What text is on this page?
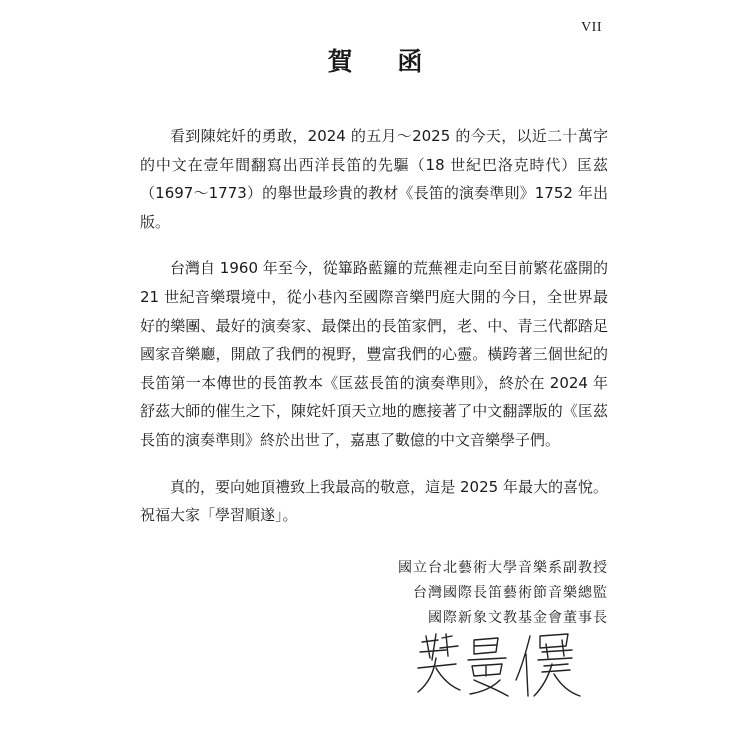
VII
賀 函

看到陳姹奷的勇敢，2024 的五月～2025 的今天，以近二十萬字的中文在壹年間翻寫出西洋長笛的先驅（18 世紀巴洛克時代）匡茲（1697～1773）的舉世最珍貴的教材《長笛的演奏準則》1752 年出版。

台灣自 1960 年至今，從篳路藍籮的荒蕪裡走向至目前繁花盛開的 21 世紀音樂環境中，從小巷內至國際音樂門庭大開的今日，全世界最好的樂團、最好的演奏家、最傑出的長笛家們，老、中、青三代都踏足國家音樂廳，開啟了我們的視野，豐富我們的心靈。橫跨著三個世紀的長笛第一本傳世的長笛教本《匡茲長笛的演奏準則》，終於在 2024 年舒茲大師的催生之下，陳姹奷頂天立地的應接著了中文翻譯版的《匡茲長笛的演奏準則》終於出世了，嘉惠了數億的中文音樂學子們。

真的，要向她頂禮致上我最高的敬意，這是 2025 年最大的喜悅。祝福大家「學習順遂」。

國立台北藝術大學音樂系副教授
台灣國際長笛藝術節音樂總監
國際新象文教基金會董事長
